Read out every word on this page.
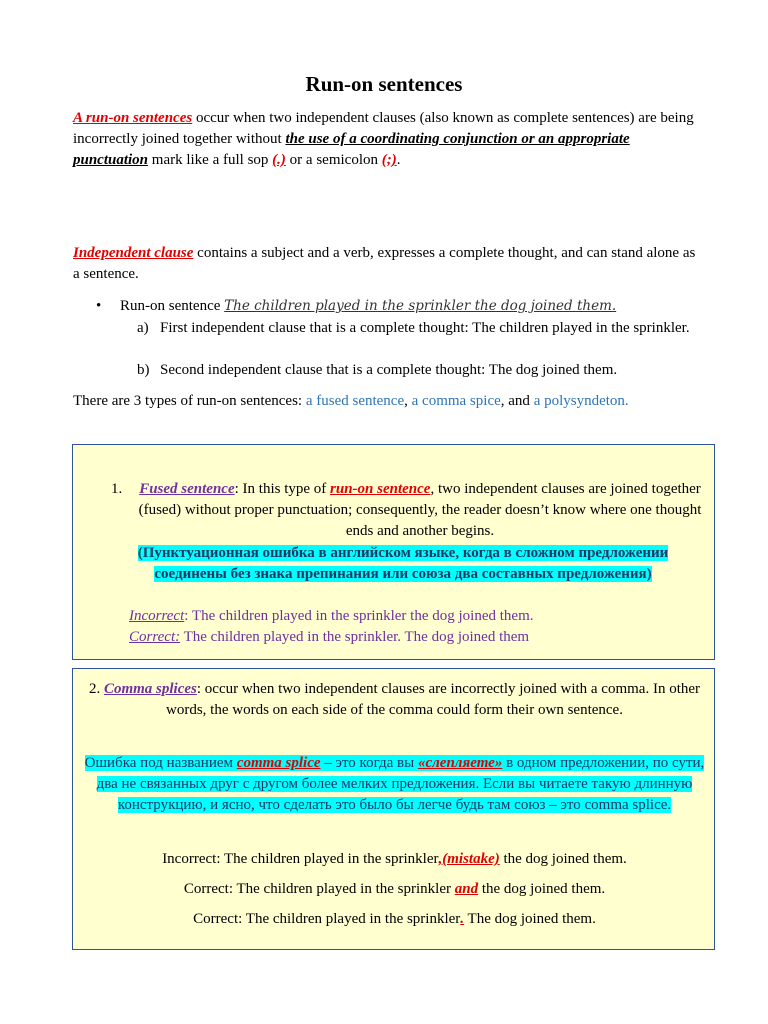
Run-on sentences
A run-on sentences occur when two independent clauses (also known as complete sentences) are being incorrectly joined together without the use of a coordinating conjunction or an appropriate punctuation mark like a full sop (.) or a semicolon (;).
Independent clause contains a subject and a verb, expresses a complete thought, and can stand alone as a sentence.
• Run-on sentence The children played in the sprinkler the dog joined them.
a) First independent clause that is a complete thought: The children played in the sprinkler.
b) Second independent clause that is a complete thought: The dog joined them.
There are 3 types of run-on sentences: a fused sentence, a comma spice, and a polysyndeton.
1. Fused sentence: In this type of run-on sentence, two independent clauses are joined together (fused) without proper punctuation; consequently, the reader doesn’t know where one thought ends and another begins.
(Пунктуационная ошибка в английском языке, когда в сложном предложении соединены без знака препинания или союза два составных предложения)
Incorrect: The children played in the sprinkler the dog joined them.
Correct: The children played in the sprinkler. The dog joined them
2. Comma splices: occur when two independent clauses are incorrectly joined with a comma. In other words, the words on each side of the comma could form their own sentence.
Ошибка под названием comma splice – это когда вы «слепляете» в одном предложении, по сути, два не связанных друг с другом более мелких предложения. Если вы читаете такую длинную конструкцию, и ясно, что сделать это было бы легче будь там союз – это comma splice.
Incorrect: The children played in the sprinkler,(mistake) the dog joined them.
Correct: The children played in the sprinkler and the dog joined them.
Correct: The children played in the sprinkler. The dog joined them.
